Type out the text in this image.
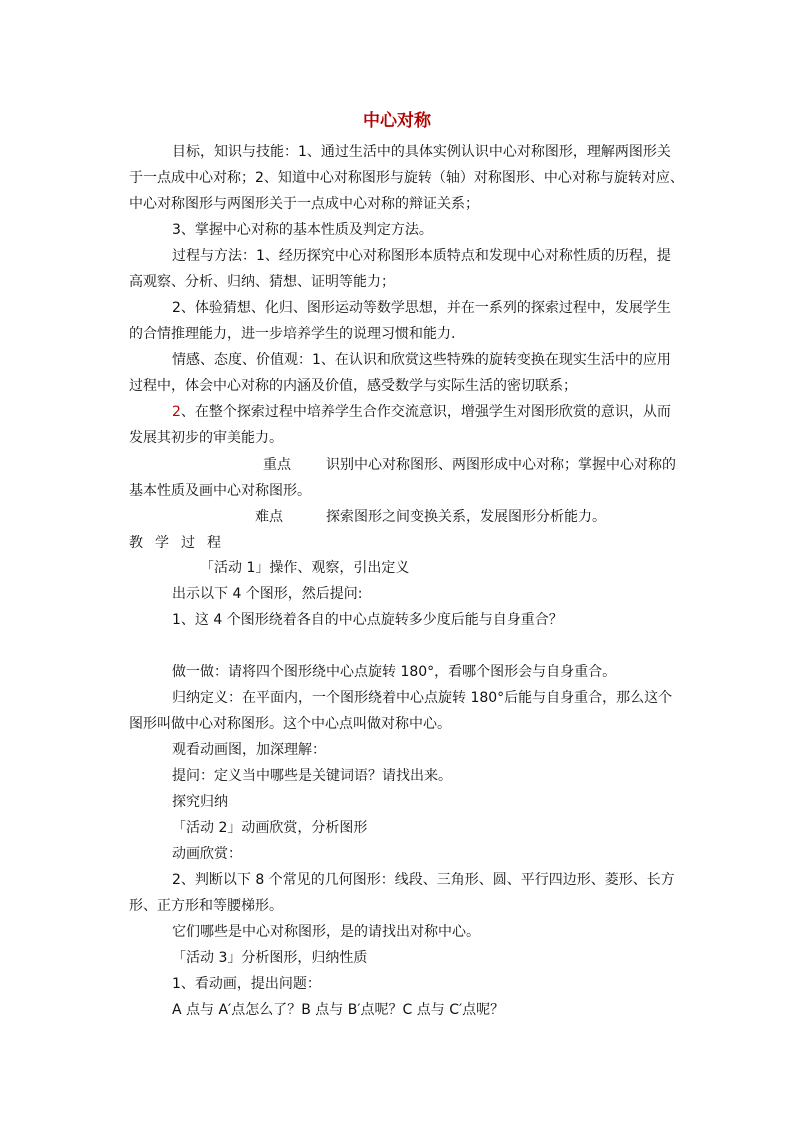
中心对称
目标，知识与技能：1、通过生活中的具体实例认识中心对称图形，理解两图形关
于一点成中心对称；2、知道中心对称图形与旋转（轴）对称图形、中心对称与旋转对应、
中心对称图形与两图形关于一点成中心对称的辩证关系；
3、掌握中心对称的基本性质及判定方法。
过程与方法：1、经历探究中心对称图形本质特点和发现中心对称性质的历程，提
高观察、分析、归纳、猜想、证明等能力；
2、体验猜想、化归、图形运动等数学思想，并在一系列的探索过程中，发展学生
的合情推理能力，进一步培养学生的说理习惯和能力.
情感、态度、价值观：1、在认识和欣赏这些特殊的旋转变换在现实生活中的应用
过程中，体会中心对称的内涵及价值，感受数学与实际生活的密切联系；
2、在整个探索过程中培养学生合作交流意识，增强学生对图形欣赏的意识，从而
发展其初步的审美能力。
重点	识别中心对称图形、两图形成中心对称；掌握中心对称的
基本性质及画中心对称图形。
难点	探索图形之间变换关系，发展图形分析能力。
教学过程
「活动 1」操作、观察，引出定义
出示以下 4 个图形，然后提问:
1、这 4 个图形绕着各自的中心点旋转多少度后能与自身重合？
做一做：请将四个图形绕中心点旋转 180°，看哪个图形会与自身重合。
归纳定义：在平面内，一个图形绕着中心点旋转 180°后能与自身重合，那么这个
图形叫做中心对称图形。这个中心点叫做对称中心。
观看动画图，加深理解：
提问：定义当中哪些是关键词语？请找出来。
探究归纳
「活动 2」动画欣赏，分析图形
动画欣赏：
2、判断以下 8 个常见的几何图形：线段、三角形、圆、平行四边形、菱形、长方
形、正方形和等腰梯形。
它们哪些是中心对称图形，是的请找出对称中心。
「活动 3」分析图形，归纳性质
1、看动画，提出问题：
A 点与 A′点怎么了？B 点与 B′点呢？C 点与 C′点呢？
